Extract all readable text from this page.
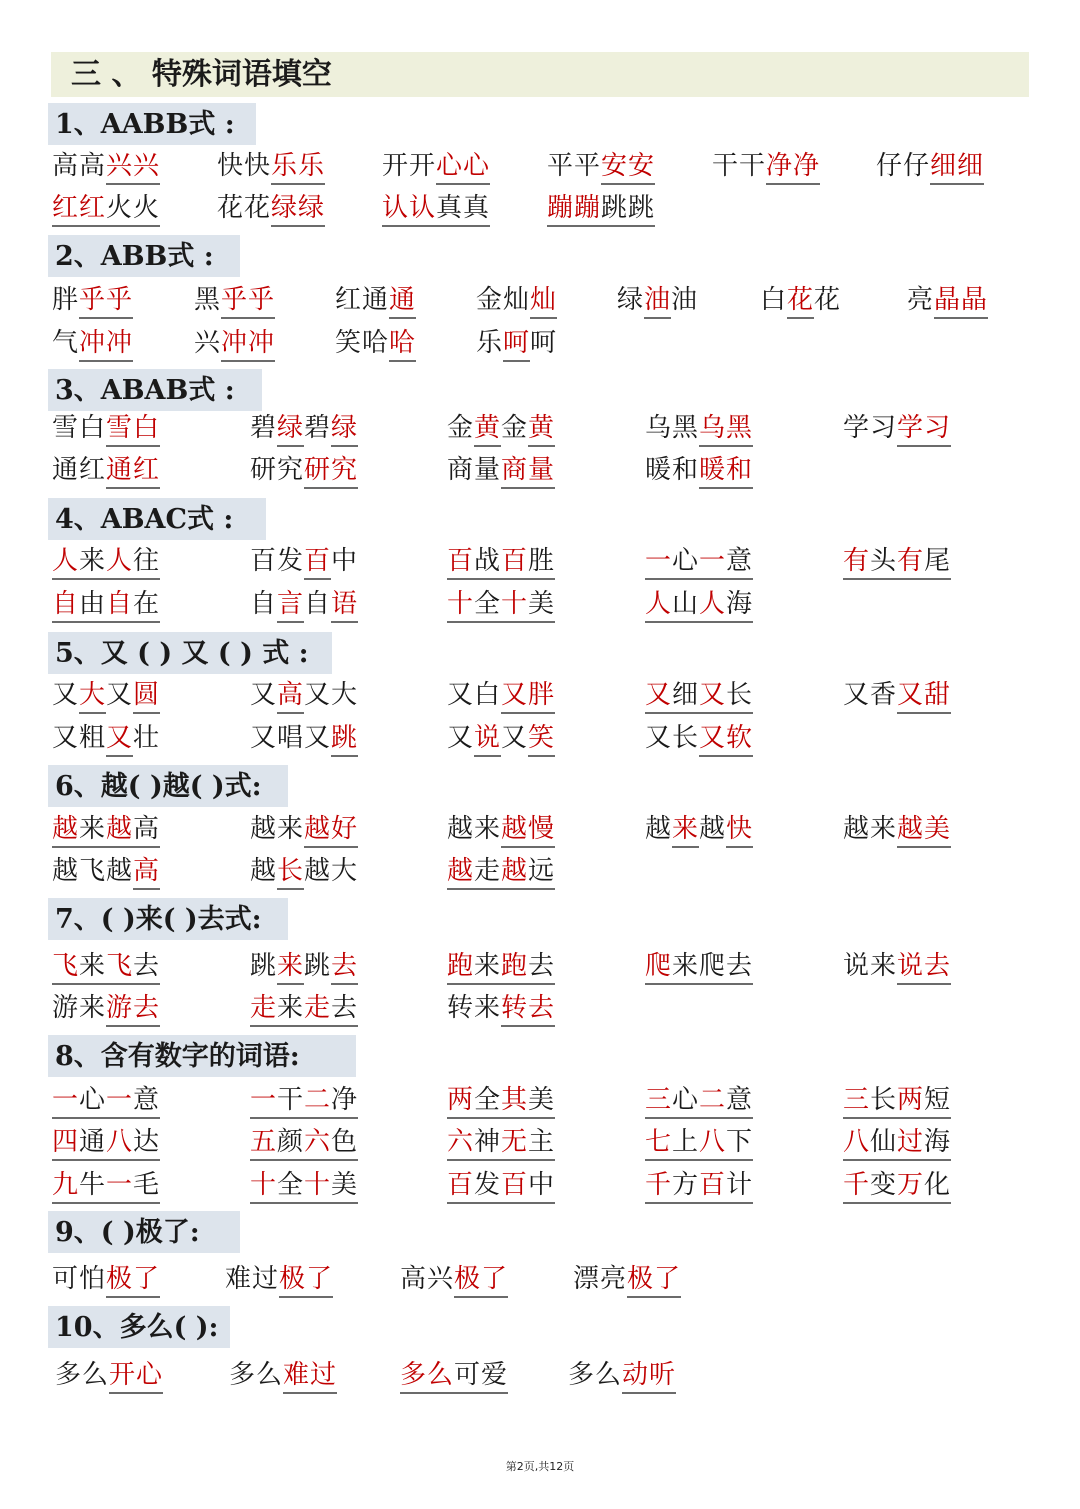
三 、 特殊词语填空
1、AABB式 :
高高兴兴 快快乐乐 开开心心 平平安安 干干净净 仔仔细细
红红火火 花花绿绿 认认真真 蹦蹦跳跳
2、ABB式 :
胖乎乎 黑乎乎 红通通 金灿灿 绿油油 白花花	亮晶晶
气冲冲 兴冲冲 笑哈哈 乐呵呵
3、ABAB式 :
雪白雪白	碧绿碧绿	金黄金黄	乌黑乌黑	学习学习
通红通红	研究研究	商量商量	暖和暖和
4、ABAC式 :
人来人往	百发百中	百战百胜	一心一意	有头有尾
自由自在	自言自语	十全十美	人山人海
5、又 ( ) 又 ( ) 式 :
又大又圆	又高又大	又白又胖	又细又长	又香又甜
又粗又壮	又唱又跳	又说又笑	又长又软
6、越( )越( )式:
越来越高	越来越好	越来越慢	越来越快	越来越美
越飞越高	越长越大	越走越远
7、( )来( )去式:
飞来飞去	跳来跳去	跑来跑去	爬来爬去	说来说去
游来游去	走来走去	转来转去
8、含有数字的词语:
一心一意	一干二净	两全其美	三心二意	三长两短
四通八达	五颜六色	六神无主	七上八下	八仙过海
九牛一毛	十全十美	百发百中	千方百计	千变万化
9、( )极了:
可怕极了 难过极了	高兴极了 漂亮极了
10、多么( ):
多么开心	多么难过 多么可爱 多么动听
第2页,共12页
